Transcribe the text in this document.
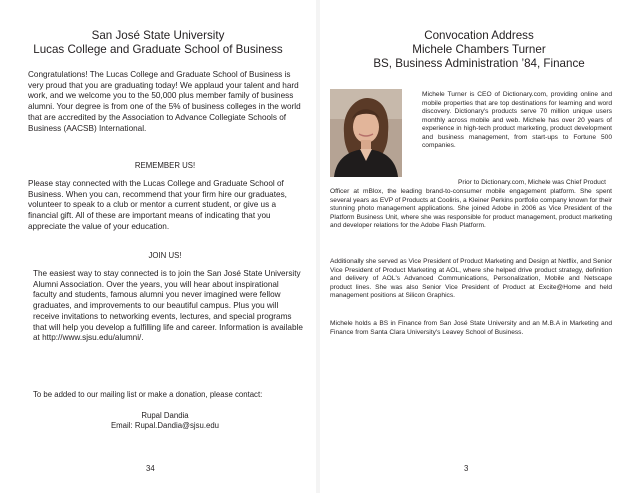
San José State University
Lucas College and Graduate School of Business

Congratulations! The Lucas College and Graduate School of Business is very proud that you are graduating today! We applaud your talent and hard work, and we welcome you to the 50,000 plus member family of business alumni. Your degree is from one of the 5% of business colleges in the world that are accredited by the Association to Advance Collegiate Schools of Business (AACSB) International.

REMEMBER US!

Please stay connected with the Lucas College and Graduate School of Business. When you can, recommend that your firm hire our graduates, volunteer to speak to a club or mentor a current student, or give us a financial gift. All of these are important means of indicating that you appreciate the value of your education.

JOIN US!

The easiest way to stay connected is to join the San José State University Alumni Association. Over the years, you will hear about inspirational faculty and students, famous alumni you never imagined were fellow graduates, and improvements to our beautiful campus. Plus you will receive invitations to networking events, lectures, and special programs that will help you develop a fulfilling life and career. Information is available at http://www.sjsu.edu/alumni/.

To be added to our mailing list or make a donation, please contact:

Rupal Dandia

Email: Rupal.Dandia@sjsu.edu

34
Convocation Address
Michele Chambers Turner
BS, Business Administration ’84, Finance

Michele Turner is CEO of Dictionary.com, providing online and mobile properties that are top destinations for learning and word discovery. Dictionary's products serve 70 million unique users monthly across mobile and web. Michele has over 20 years of experience in high-tech product marketing, product development and business management, from start-ups to Fortune 500 companies.

Prior to Dictionary.com, Michele was Chief Product

Officer at mBlox, the leading brand-to-consumer mobile engagement platform. She spent several years as EVP of Products at Cooliris, a Kleiner Perkins portfolio company known for their stunning photo management applications. She joined Adobe in 2006 as Vice President of the Platform Business Unit, where she was responsible for product management, product marketing and developer relations for the Adobe Flash Platform.

Additionally she served as Vice President of Product Marketing and Design at Netflix, and Senior Vice President of Product Marketing at AOL, where she helped drive product strategy, definition and delivery of AOL's Advanced Communications, Personalization, Mobile and Netscape product lines. She was also Senior Vice President of Product at Excite@Home and held management positions at Silicon Graphics.

Michele holds a BS in Finance from San José State University and an M.B.A in Marketing and Finance from Santa Clara University's Leavey School of Business.

3
